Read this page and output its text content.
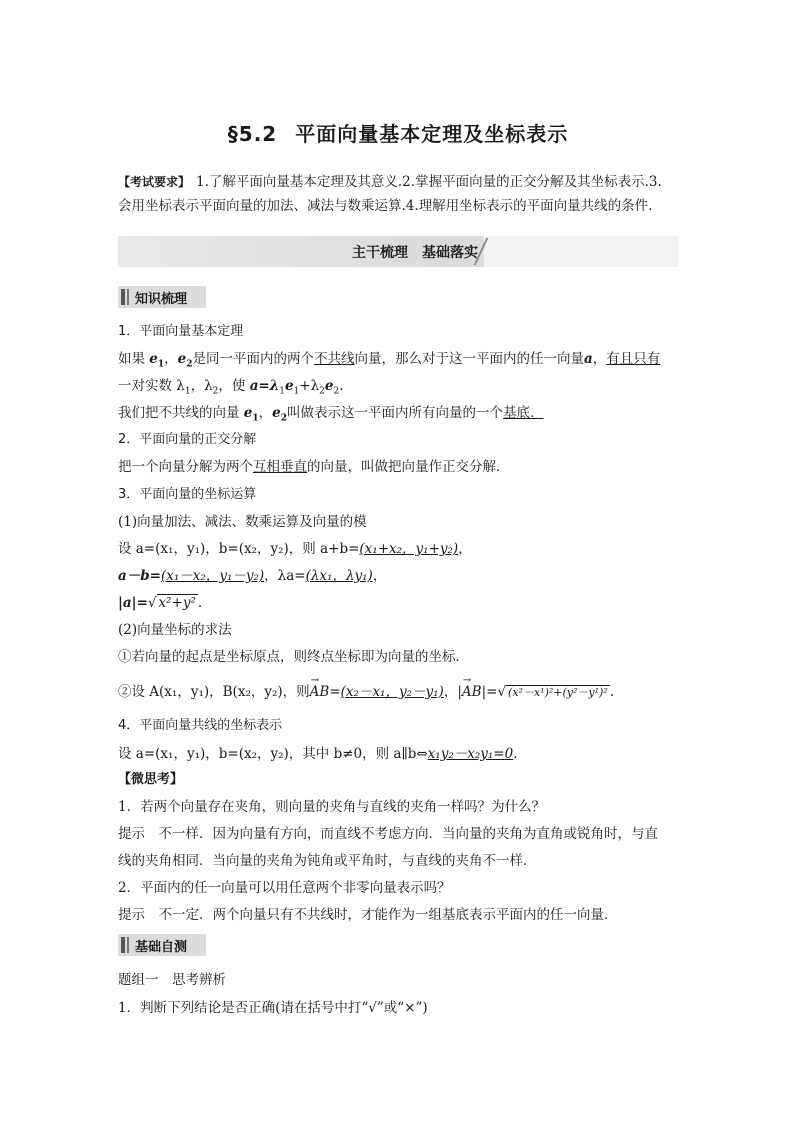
§5.2 平面向量基本定理及坐标表示
【考试要求】 1.了解平面向量基本定理及其意义.2.掌握平面向量的正交分解及其坐标表示.3.
会用坐标表示平面向量的加法、减法与数乘运算.4.理解用坐标表示的平面向量共线的条件.
主干梳理　基础落实
知识梳理
1．平面向量基本定理
如果 $e_1$，$e_2$是同一平面内的两个不共线向量，那么对于这一平面内的任一向量a，有且只有
一对实数 $\lambda_1$，$\lambda_2$，使 $a=\lambda_1e_1+\lambda_2e_2$.
我们把不共线的向量 $e_1$，$e_2$叫做表示这一平面内所有向量的一个基底．
2．平面向量的正交分解
把一个向量分解为两个互相垂直的向量，叫做把向量作正交分解．
3．平面向量的坐标运算
(1)向量加法、减法、数乘运算及向量的模
设 a=(x₁，y₁)，b=(x₂，y₂)，则 a+b=(x₁+x₂，y₁+y₂)，
a－b=(x₁－x₂，y₁－y₂)，λa=(λx₁，λy₁)，
|a|=√ x²+y² .
(2)向量坐标的求法
①若向量的起点是坐标原点，则终点坐标即为向量的坐标．
②设 A(x₁，y₁)，B(x₂，y₂)，则→ AB=(x₂－x₁，y₂－y₁)，|→ AB|=√ (x²－x¹)²+(y²－y¹)² .
4．平面向量共线的坐标表示
设 a=(x₁，y₁)，b=(x₂，y₂)，其中 b≠0，则 a∥b⇔x₁y₂－x₂y₁=0.
【微思考】
1．若两个向量存在夹角，则向量的夹角与直线的夹角一样吗？为什么？
提示　不一样．因为向量有方向，而直线不考虑方向．当向量的夹角为直角或锐角时，与直
线的夹角相同．当向量的夹角为钝角或平角时，与直线的夹角不一样．
2．平面内的任一向量可以用任意两个非零向量表示吗？
提示　不一定．两个向量只有不共线时，才能作为一组基底表示平面内的任一向量．
基础自测
题组一　思考辨析
1．判断下列结论是否正确(请在括号中打“√”或“×”)
